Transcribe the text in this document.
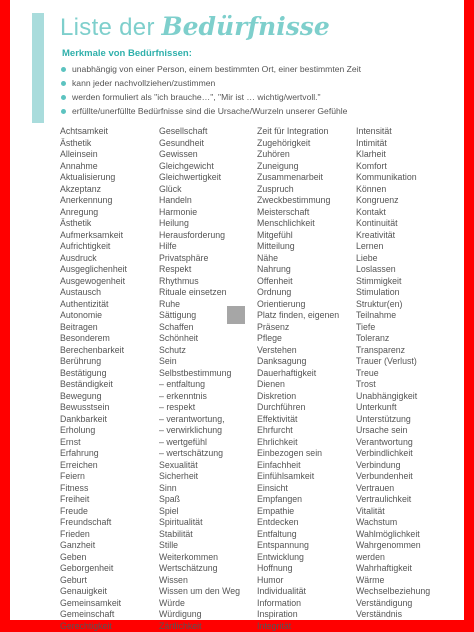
Liste der Bedürfnisse
Merkmale von Bedürfnissen:
unabhängig von einer Person, einem bestimmten Ort, einer bestimmten Zeit
kann jeder nachvollziehen/zustimmen
werden formuliert als "ich brauche…", "Mir ist … wichtig/wertvoll."
erfüllte/unerfüllte Bedürfnisse sind die Ursache/Wurzeln unserer Gefühle
Achtsamkeit
Ästhetik
Alleinsein
Annahme
Aktualisierung
Akzeptanz
Anerkennung
Anregung
Ästhetik
Aufmerksamkeit
Aufrichtigkeit
Ausdruck
Ausgeglichenheit
Ausgewogenheit
Austausch
Authentizität
Autonomie
Beitragen
Besonderem
Berechenbarkeit
Berührung
Bestätigung
Beständigkeit
Bewegung
Bewusstsein
Dankbarkeit
Erholung
Ernst
Erfahrung
Erreichen
Feiern
Fitness
Freiheit
Freude
Freundschaft
Frieden
Ganzheit
Geben
Geborgenheit
Geburt
Genauigkeit
Gemeinsamkeit
Gemeinschaft
Gerechtigkeit
Gesellschaft
Gesundheit
Gewissen
Gleichgewicht
Gleichwertigkeit
Glück
Handeln
Harmonie
Heilung
Herausforderung
Hilfe
Privatsphäre
Respekt
Rhythmus
Rituale einsetzen
Ruhe
Sättigung
Schaffen
Schönheit
Schutz
Sein
Selbstbestimmung
– entfaltung
– erkenntnis
– respekt
– verantwortung,
– verwirklichung
– wertgefühl
– wertschätzung
Sexualität
Sicherheit
Sinn
Spaß
Spiel
Spiritualität
Stabilität
Stille
Weiterkommen
Wertschätzung
Wissen
Wissen um den Weg
Würde
Würdigung
Zärtlichkeit
Zeit für Integration
Zugehörigkeit
Zuhören
Zuneigung
Zusammenarbeit
Zuspruch
Zweckbestimmung
Meisterschaft
Menschlichkeit
Mitgefühl
Mitteilung
Nähe
Nahrung
Offenheit
Ordnung
Orientierung
Platz finden, eigenen
Präsenz
Pflege
Verstehen
Danksagung
Dauerhaftigkeit
Dienen
Diskretion
Durchführen
Effektivität
Ehrfurcht
Ehrlichkeit
Einbezogen sein
Einfachheit
Einfühlsamkeit
Einsicht
Empfangen
Empathie
Entdecken
Entfaltung
Entspannung
Entwicklung
Hoffnung
Humor
Individualität
Information
Inspiration
Integrität
Intensität
Intimität
Klarheit
Komfort
Kommunikation
Können
Kongruenz
Kontakt
Kontinuität
Kreativität
Lernen
Liebe
Loslassen
Stimmigkeit
Stimulation
Struktur(en)
Teilnahme
Tiefe
Toleranz
Transparenz
Trauer (Verlust)
Treue
Trost
Unabhängigkeit
Unterkunft
Unterstützung
Ursache sein
Verantwortung
Verbindlichkeit
Verbindung
Verbundenheit
Vertrauen
Vertraulichkeit
Vitalität
Wachstum
Wahlmöglichkeit
Wahrgenommen
werden
Wahrhaftigkeit
Wärme
Wechselbeziehung
Verständigung
Verständnis
